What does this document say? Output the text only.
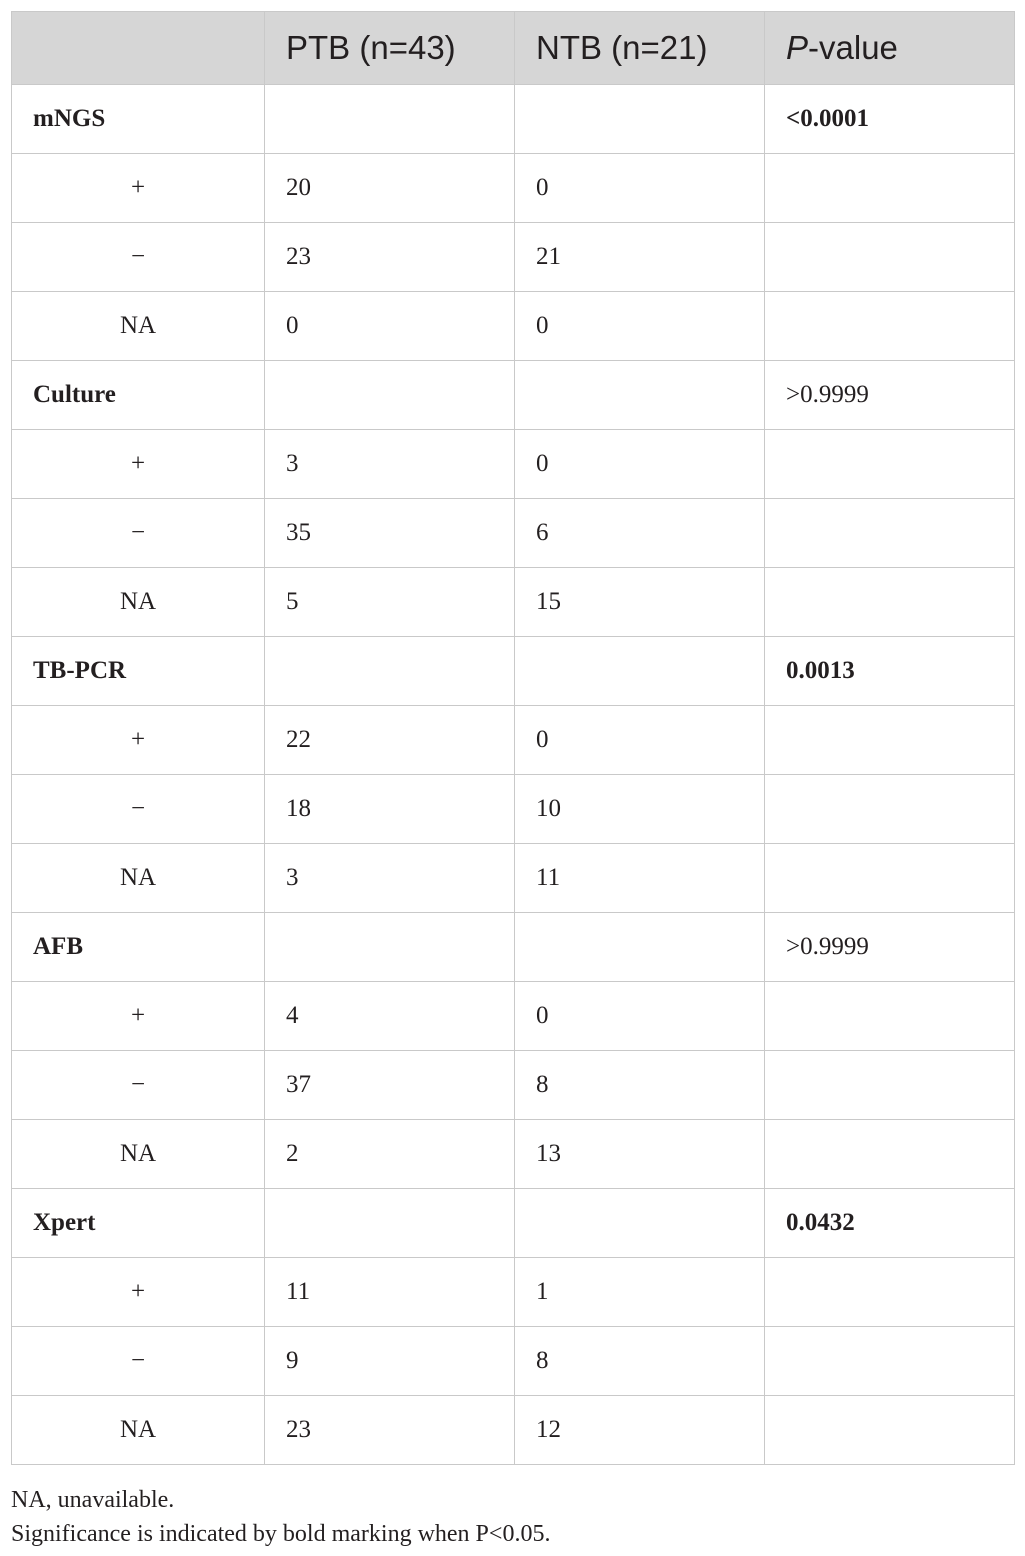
	PTB (n=43)	NTB (n=21)	P-value
mNGS			<0.0001
+	20	0	
−	23	21	
NA	0	0	
Culture			>0.9999
+	3	0	
−	35	6	
NA	5	15	
TB-PCR			0.0013
+	22	0	
−	18	10	
NA	3	11	
AFB			>0.9999
+	4	0	
−	37	8	
NA	2	13	
Xpert			0.0432
+	11	1	
−	9	8	
NA	23	12	

NA, unavailable.

Significance is indicated by bold marking when P<0.05.
